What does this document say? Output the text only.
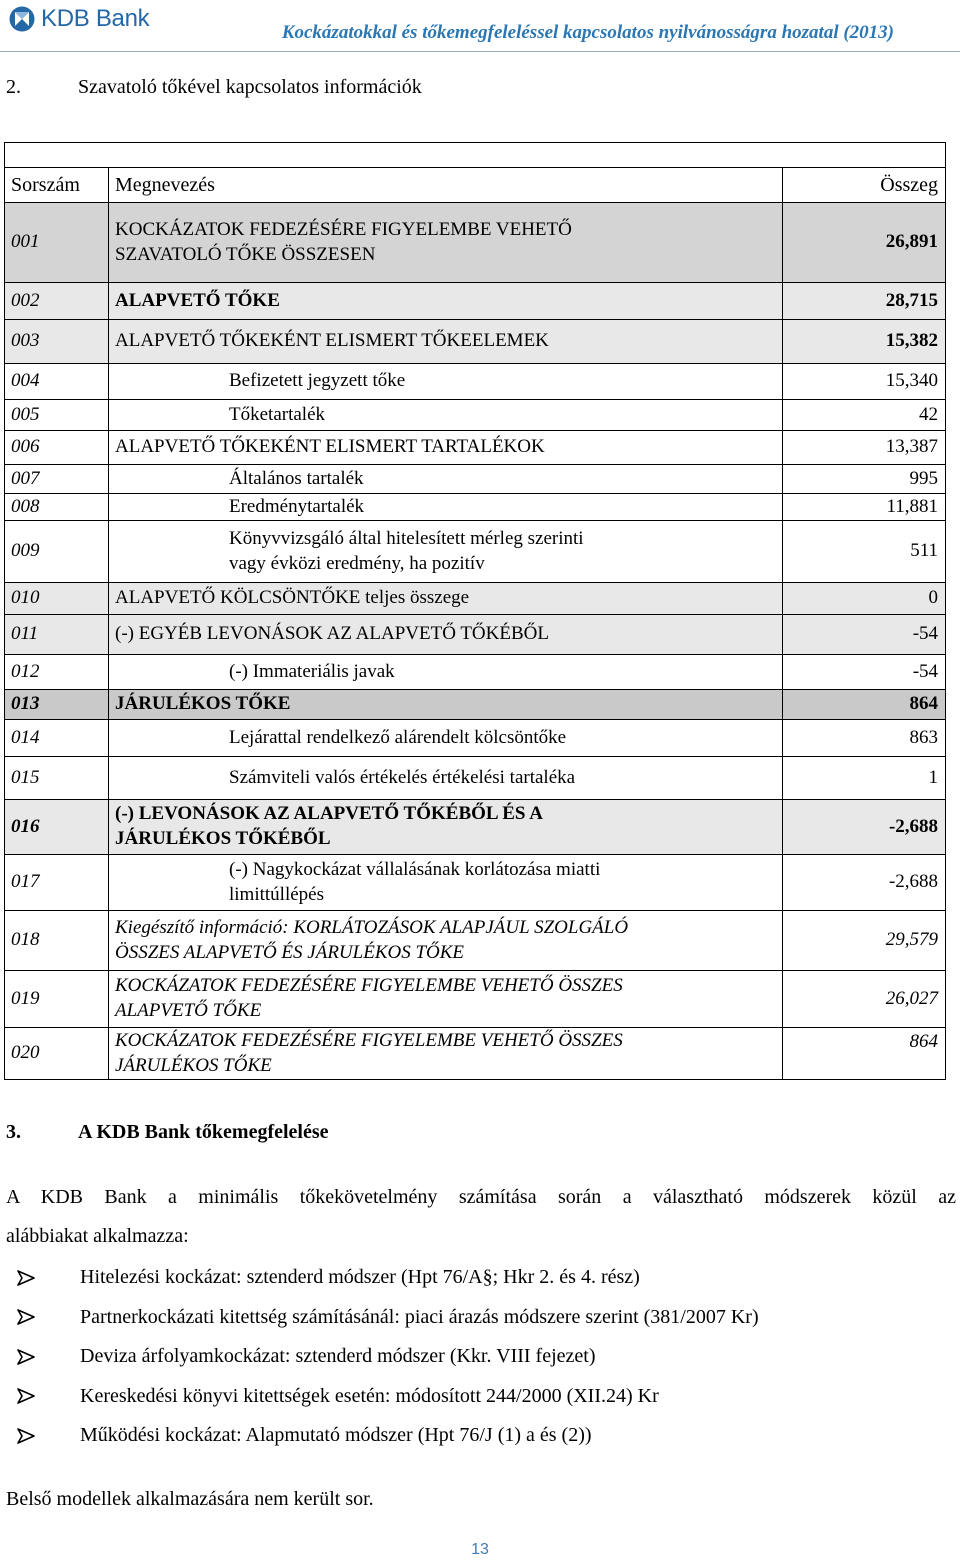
KDB Bank
Kockázatokkal és tőkemegfeleléssel kapcsolatos nyilvánosságra hozatal (2013)
2.	Szavatoló tőkével kapcsolatos információk

Sorszám	Megnevezés	Összeg
001	KOCKÁZATOK FEDEZÉSÉRE FIGYELEMBE VEHETŐ
SZAVATOLÓ TŐKE ÖSSZESEN	26,891
002	ALAPVETŐ TŐKE	28,715
003	ALAPVETŐ TŐKEKÉNT ELISMERT TŐKEELEMEK	15,382
004	Befizetett jegyzett tőke	15,340
005	Tőketartalék	42
006	ALAPVETŐ TŐKEKÉNT ELISMERT TARTALÉKOK	13,387
007	Általános tartalék	995
008	Eredménytartalék	11,881
009	Könyvvizsgáló által hitelesített mérleg szerinti
vagy évközi eredmény, ha pozitív	511
010	ALAPVETŐ KÖLCSÖNTŐKE teljes összege	0
011	(-) EGYÉB LEVONÁSOK AZ ALAPVETŐ TŐKÉBŐL	-54
012	(-) Immateriális javak	-54
013	JÁRULÉKOS TŐKE	864
014	Lejárattal rendelkező alárendelt kölcsöntőke	863
015	Számviteli valós értékelés értékelési tartaléka	1
016	(-) LEVONÁSOK AZ ALAPVETŐ TŐKÉBŐL ÉS A
JÁRULÉKOS TŐKÉBŐL	-2,688
017	(-) Nagykockázat vállalásának korlátozása miatti
limittúllépés	-2,688
018	Kiegészítő információ: KORLÁTOZÁSOK ALAPJÁUL SZOLGÁLÓ
ÖSSZES ALAPVETŐ ÉS JÁRULÉKOS TŐKE	29,579
019	KOCKÁZATOK FEDEZÉSÉRE FIGYELEMBE VEHETŐ ÖSSZES
ALAPVETŐ TŐKE	26,027
020	KOCKÁZATOK FEDEZÉSÉRE FIGYELEMBE VEHETŐ ÖSSZES
JÁRULÉKOS TŐKE	864
3.	A KDB Bank tőkemegfelelése

A KDB Bank a minimális tőkekövetelmény számítása során a választható módszerek közül az

alábbiakat alkalmazza:

Hitelezési kockázat: sztenderd módszer (Hpt 76/A§; Hkr 2. és 4. rész)
Partnerkockázati kitettség számításánál: piaci árazás módszere szerint (381/2007 Kr)
Deviza árfolyamkockázat: sztenderd módszer (Kkr. VIII fejezet)
Kereskedési könyvi kitettségek esetén: módosított 244/2000 (XII.24) Kr
Működési kockázat: Alapmutató módszer (Hpt 76/J (1) a és (2))

Belső modellek alkalmazására nem került sor.

13
